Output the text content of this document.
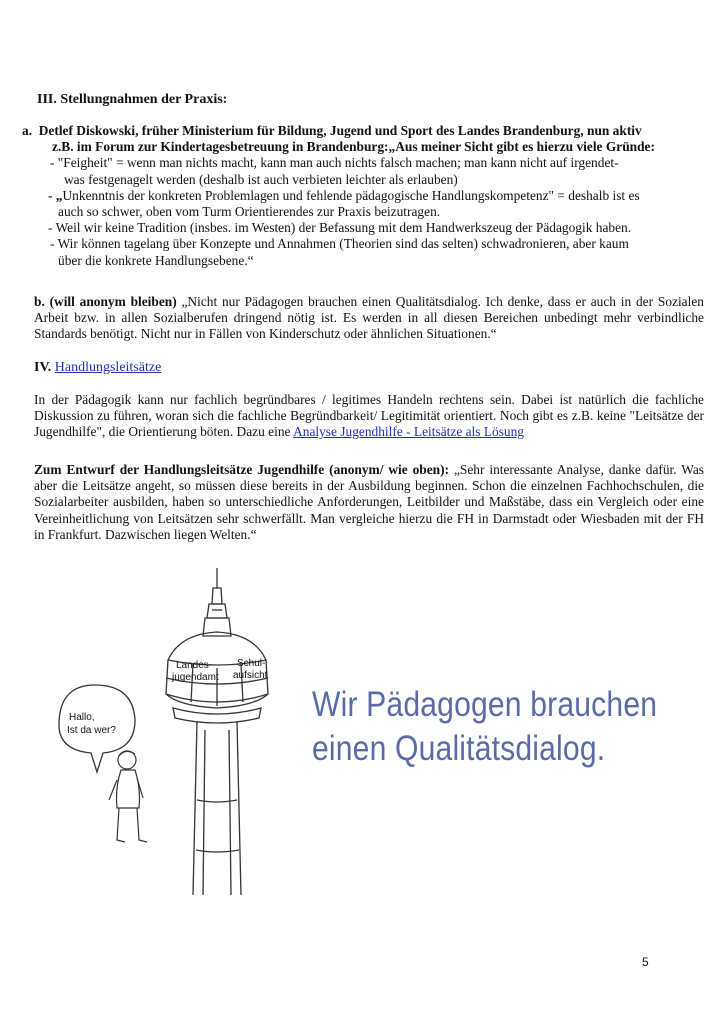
III. Stellungnahmen der Praxis:
a. Detlef Diskowski, früher Ministerium für Bildung, Jugend und Sport des Landes Brandenburg, nun aktiv
z.B. im Forum zur Kindertagesbetreuung in Brandenburg:„Aus meiner Sicht gibt es hierzu viele Gründe:
- "Feigheit" = wenn man nichts macht, kann man auch nichts falsch machen; man kann nicht auf irgendet-
was festgenagelt werden (deshalb ist auch verbieten leichter als erlauben)
- „Unkenntnis der konkreten Problemlagen und fehlende pädagogische Handlungskompetenz" = deshalb ist es
auch so schwer, oben vom Turm Orientierendes zur Praxis beizutragen.
- Weil wir keine Tradition (insbes. im Westen) der Befassung mit dem Handwerkszeug der Pädagogik haben.
- Wir können tagelang über Konzepte und Annahmen (Theorien sind das selten) schwadronieren, aber kaum
über die konkrete Handlungsebene.“
b. (will anonym bleiben) „Nicht nur Pädagogen brauchen einen Qualitätsdialog. Ich denke, dass er auch in der Sozialen Arbeit bzw. in allen Sozialberufen dringend nötig ist. Es werden in all diesen Bereichen unbedingt mehr verbindliche Standards benötigt. Nicht nur in Fällen von Kinderschutz oder ähnlichen Situationen.“
IV. Handlungsleitsätze
In der Pädagogik kann nur fachlich begründbares / legitimes Handeln rechtens sein. Dabei ist natürlich die fachliche Diskussion zu führen, woran sich die fachliche Begründbarkeit/ Legitimität orientiert. Noch gibt es z.B. keine "Leitsätze der Jugendhilfe", die Orientierung böten. Dazu eine Analyse Jugendhilfe - Leitsätze als Lösung
Zum Entwurf der Handlungsleitsätze Jugendhilfe (anonym/ wie oben): „Sehr interessante Analyse, danke dafür. Was aber die Leitsätze angeht, so müssen diese bereits in der Ausbildung beginnen. Schon die einzelnen Fachhochschulen, die Sozialarbeiter ausbilden, haben so unterschiedliche Anforderungen, Leitbilder und Maßstäbe, dass ein Vergleich oder eine Vereinheitlichung von Leitsätzen sehr schwerfällt. Man vergleiche hierzu die FH in Darmstadt oder Wiesbaden mit der FH in Frankfurt. Dazwischen liegen Welten.“
Landes-
jugendamt
Schul-
aufsicht
Hallo,
Ist da wer?
Wir Pädagogen brauchen
einen Qualitätsdialog.
5
